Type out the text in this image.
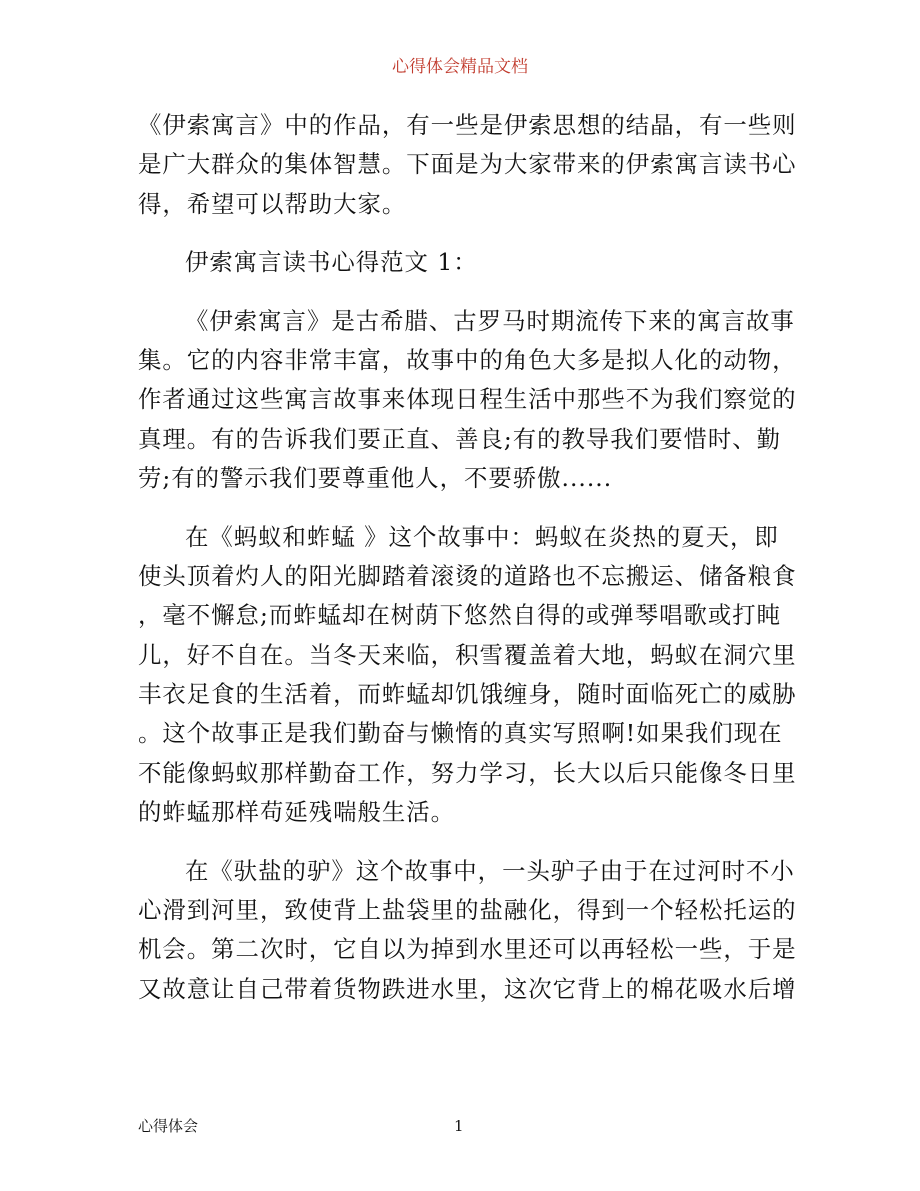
心得体会精品文档
《伊索寓言》中的作品，有一些是伊索思想的结晶，有一些则
是广大群众的集体智慧。下面是为大家带来的伊索寓言读书心
得，希望可以帮助大家。
伊索寓言读书心得范文 1：
《伊索寓言》是古希腊、古罗马时期流传下来的寓言故事
集。它的内容非常丰富，故事中的角色大多是拟人化的动物，
作者通过这些寓言故事来体现日程生活中那些不为我们察觉的
真理。有的告诉我们要正直、善良;有的教导我们要惜时、勤
劳;有的警示我们要尊重他人，不要骄傲......
在《蚂蚁和蚱蜢 》这个故事中：蚂蚁在炎热的夏天，即
使头顶着灼人的阳光脚踏着滚烫的道路也不忘搬运、储备粮食
，毫不懈怠;而蚱蜢却在树荫下悠然自得的或弹琴唱歌或打盹
儿，好不自在。当冬天来临，积雪覆盖着大地，蚂蚁在洞穴里
丰衣足食的生活着，而蚱蜢却饥饿缠身，随时面临死亡的威胁
。这个故事正是我们勤奋与懒惰的真实写照啊!如果我们现在
不能像蚂蚁那样勤奋工作，努力学习，长大以后只能像冬日里
的蚱蜢那样苟延残喘般生活。
在《驮盐的驴》这个故事中，一头驴子由于在过河时不小
心滑到河里，致使背上盐袋里的盐融化，得到一个轻松托运的
机会。第二次时，它自以为掉到水里还可以再轻松一些，于是
又故意让自己带着货物跌进水里，这次它背上的棉花吸水后增
心得体会	1
